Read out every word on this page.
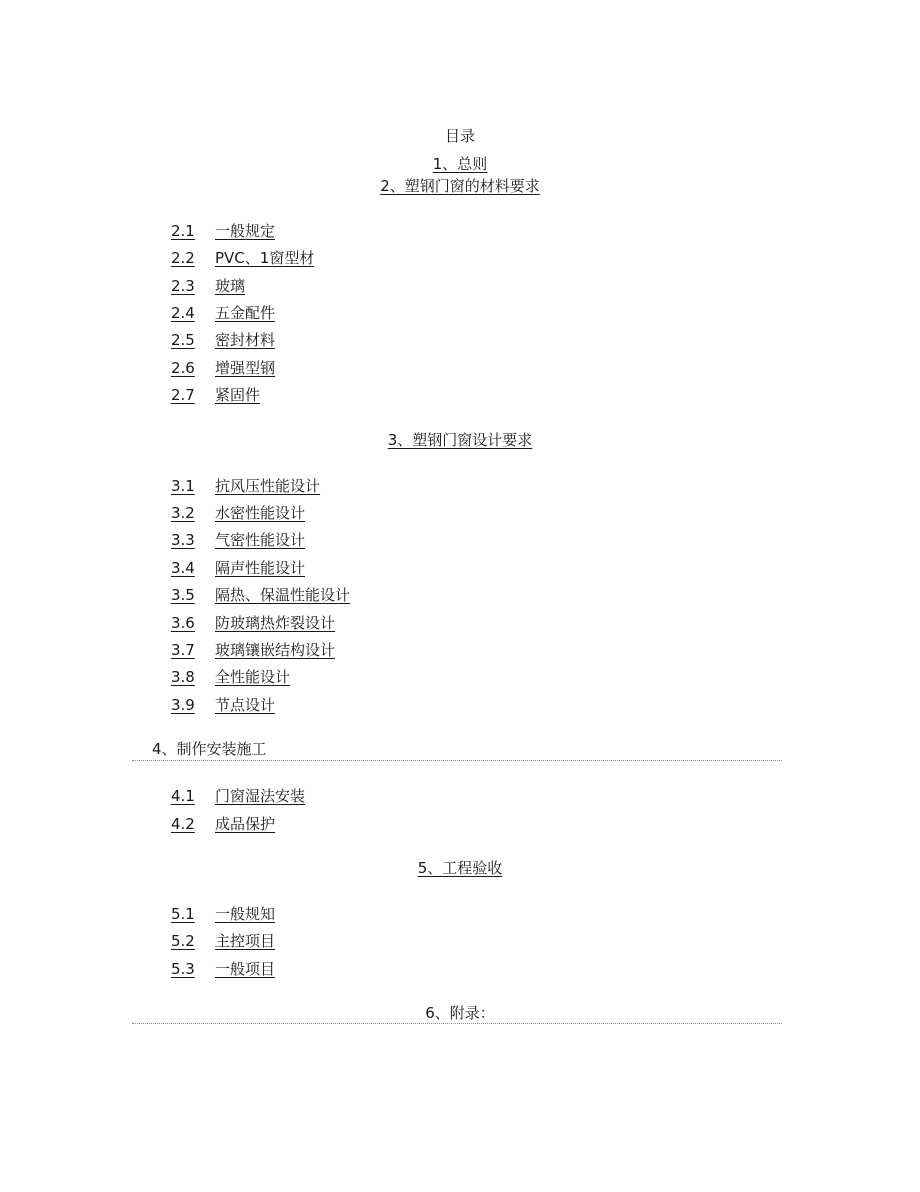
目录
1、总则
2、塑钢门窗的材料要求
2.1 一般规定
2.2 PVC、1窗型材
2.3 玻璃
2.4 五金配件
2.5 密封材料
2.6 增强型钢
2.7 紧固件
3、塑钢门窗设计要求
3.1 抗风压性能设计
3.2 水密性能设计
3.3 气密性能设计
3.4 隔声性能设计
3.5 隔热、保温性能设计
3.6 防玻璃热炸裂设计
3.7 玻璃镶嵌结构设计
3.8 全性能设计
3.9 节点设计
4、制作安装施工
4.1 门窗湿法安装
4.2 成品保护
5、工程验收
5.1 一般规知
5.2 主控项目
5.3 一般项目
6、附录：
